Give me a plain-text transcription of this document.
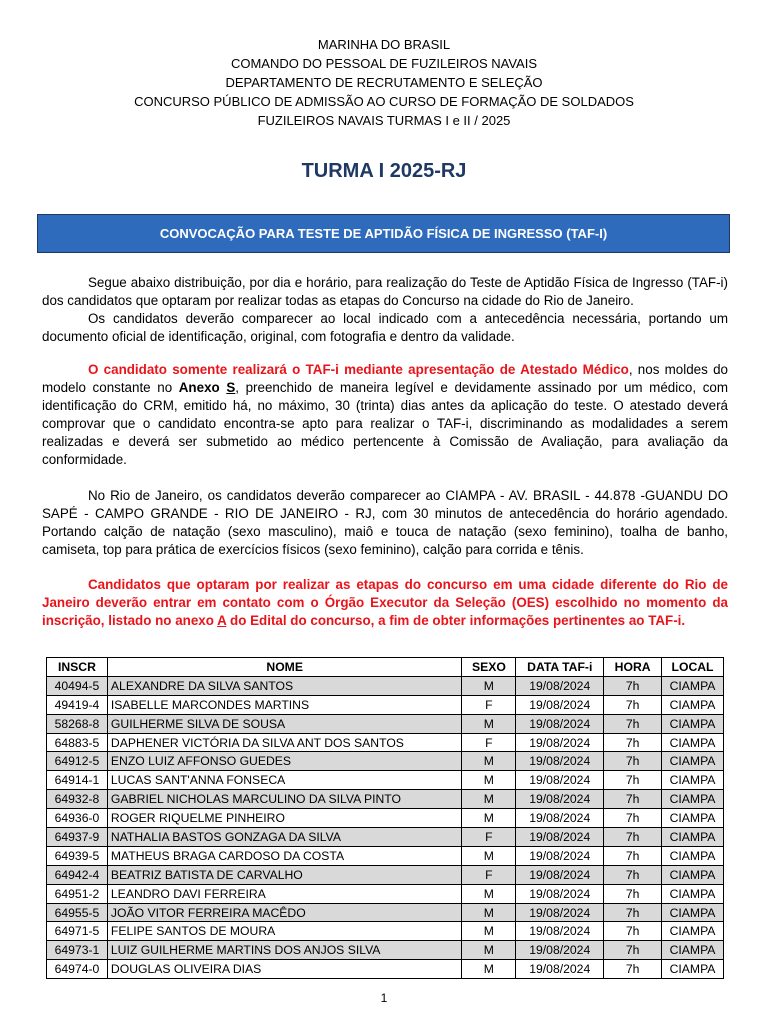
MARINHA DO BRASIL
COMANDO DO PESSOAL DE FUZILEIROS NAVAIS
DEPARTAMENTO DE RECRUTAMENTO E SELEÇÃO
CONCURSO PÚBLICO DE ADMISSÃO AO CURSO DE FORMAÇÃO DE SOLDADOS
FUZILEIROS NAVAIS TURMAS I e II / 2025
TURMA I 2025-RJ
CONVOCAÇÃO PARA TESTE DE APTIDÃO FÍSICA DE INGRESSO (TAF-I)

Segue abaixo distribuição, por dia e horário, para realização do Teste de Aptidão Física de Ingresso (TAF-i) dos candidatos que optaram por realizar todas as etapas do Concurso na cidade do Rio de Janeiro.

Os candidatos deverão comparecer ao local indicado com a antecedência necessária, portando um documento oficial de identificação, original, com fotografia e dentro da validade.

O candidato somente realizará o TAF-i mediante apresentação de Atestado Médico, nos moldes do modelo constante no Anexo S, preenchido de maneira legível e devidamente assinado por um médico, com identificação do CRM, emitido há, no máximo, 30 (trinta) dias antes da aplicação do teste. O atestado deverá comprovar que o candidato encontra-se apto para realizar o TAF-i, discriminando as modalidades a serem realizadas e deverá ser submetido ao médico pertencente à Comissão de Avaliação, para avaliação da conformidade.

No Rio de Janeiro, os candidatos deverão comparecer ao CIAMPA - AV. BRASIL - 44.878 -GUANDU DO SAPÉ - CAMPO GRANDE - RIO DE JANEIRO - RJ, com 30 minutos de antecedência do horário agendado. Portando calção de natação (sexo masculino), maiô e touca de natação (sexo feminino), toalha de banho, camiseta, top para prática de exercícios físicos (sexo feminino), calção para corrida e tênis.

Candidatos que optaram por realizar as etapas do concurso em uma cidade diferente do Rio de Janeiro deverão entrar em contato com o Órgão Executor da Seleção (OES) escolhido no momento da inscrição, listado no anexo A do Edital do concurso, a fim de obter informações pertinentes ao TAF-i.

INSCR	NOME	SEXO	DATA TAF-i	HORA	LOCAL
40494-5	ALEXANDRE DA SILVA SANTOS	M	19/08/2024	7h	CIAMPA
49419-4	ISABELLE MARCONDES MARTINS	F	19/08/2024	7h	CIAMPA
58268-8	GUILHERME SILVA DE SOUSA	M	19/08/2024	7h	CIAMPA
64883-5	DAPHENER VICTÓRIA DA SILVA ANT DOS SANTOS	F	19/08/2024	7h	CIAMPA
64912-5	ENZO LUIZ AFFONSO GUEDES	M	19/08/2024	7h	CIAMPA
64914-1	LUCAS SANT'ANNA FONSECA	M	19/08/2024	7h	CIAMPA
64932-8	GABRIEL NICHOLAS MARCULINO DA SILVA PINTO	M	19/08/2024	7h	CIAMPA
64936-0	ROGER RIQUELME PINHEIRO	M	19/08/2024	7h	CIAMPA
64937-9	NATHALIA BASTOS GONZAGA DA SILVA	F	19/08/2024	7h	CIAMPA
64939-5	MATHEUS BRAGA CARDOSO DA COSTA	M	19/08/2024	7h	CIAMPA
64942-4	BEATRIZ BATISTA DE CARVALHO	F	19/08/2024	7h	CIAMPA
64951-2	LEANDRO DAVI FERREIRA	M	19/08/2024	7h	CIAMPA
64955-5	JOÃO VITOR FERREIRA MACÊDO	M	19/08/2024	7h	CIAMPA
64971-5	FELIPE SANTOS DE MOURA	M	19/08/2024	7h	CIAMPA
64973-1	LUIZ GUILHERME MARTINS DOS ANJOS SILVA	M	19/08/2024	7h	CIAMPA
64974-0	DOUGLAS OLIVEIRA DIAS	M	19/08/2024	7h	CIAMPA
1
